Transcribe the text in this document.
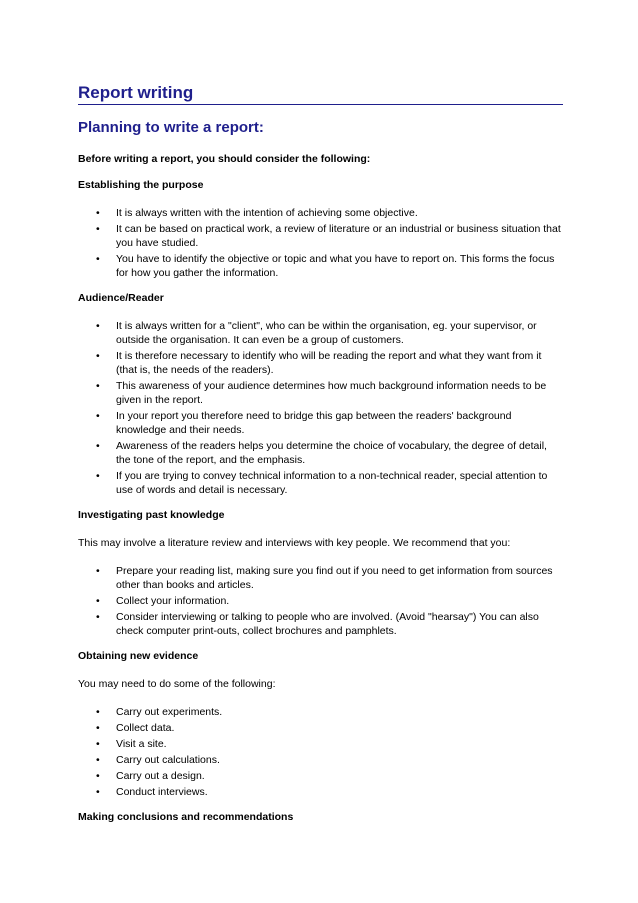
Report writing
Planning to write a report:

Before writing a report, you should consider the following:

Establishing the purpose

• It is always written with the intention of achieving some objective.
• It can be based on practical work, a review of literature or an industrial or business situation that you have studied.
• You have to identify the objective or topic and what you have to report on. This forms the focus for how you gather the information.

Audience/Reader

• It is always written for a "client", who can be within the organisation, eg. your supervisor, or outside the organisation. It can even be a group of customers.
• It is therefore necessary to identify who will be reading the report and what they want from it (that is, the needs of the readers).
• This awareness of your audience determines how much background information needs to be given in the report.
• In your report you therefore need to bridge this gap between the readers' background knowledge and their needs.
• Awareness of the readers helps you determine the choice of vocabulary, the degree of detail, the tone of the report, and the emphasis.
• If you are trying to convey technical information to a non-technical reader, special attention to use of words and detail is necessary.

Investigating past knowledge

This may involve a literature review and interviews with key people. We recommend that you:

• Prepare your reading list, making sure you find out if you need to get information from sources other than books and articles.
• Collect your information.
• Consider interviewing or talking to people who are involved. (Avoid "hearsay") You can also check computer print-outs, collect brochures and pamphlets.

Obtaining new evidence

You may need to do some of the following:

• Carry out experiments.
• Collect data.
• Visit a site.
• Carry out calculations.
• Carry out a design.
• Conduct interviews.

Making conclusions and recommendations
